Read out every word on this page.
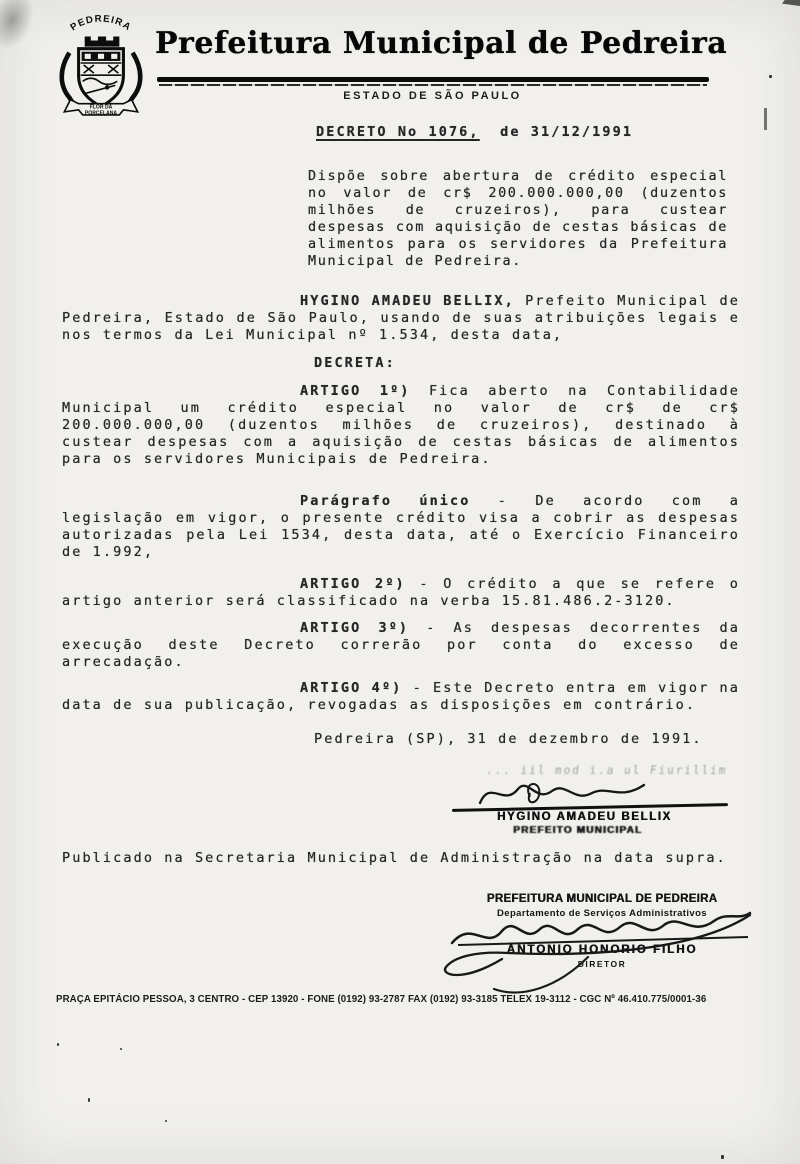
PEDREIRA
FLOR DA
PORCELANA
Prefeitura Municipal de Pedreira
ESTADO DE SÃO PAULO
DECRETO No 1076,  de 31/12/1991

Dispõe sobre abertura de crédito especial no valor de cr$ 200.000.000,00 (duzentos milhões de cruzeiros), para custear despesas com aquisição de cestas básicas de alimentos para os servidores da Prefeitura Municipal de Pedreira.

HYGINO AMADEU BELLIX, Prefeito Municipal de Pedreira, Estado de São Paulo, usando de suas atribuições legais e nos termos da Lei Municipal nº 1.534, desta data,

DECRETA:

ARTIGO 1º) Fica aberto na Contabilidade Municipal um crédito especial no valor de cr$ de cr$ 200.000.000,00 (duzentos milhões de cruzeiros), destinado à custear despesas com a aquisição de cestas básicas de alimentos para os servidores Municipais de Pedreira.

Parágrafo único - De acordo com a legislação em vigor, o presente crédito visa a cobrir as despesas autorizadas pela Lei 1534, desta data, até o Exercício Financeiro de 1.992,

ARTIGO 2º) - O crédito a que se refere o artigo anterior será classificado na verba 15.81.486.2-3120.

ARTIGO 3º) - As despesas decorrentes da execução deste Decreto correrão por conta do excesso de arrecadação.

ARTIGO 4º) - Este Decreto entra em vigor na data de sua publicação, revogadas as disposições em contrário.

Pedreira (SP), 31 de dezembro de 1991.
... iil mod i.a ul Fiurillim
HYGINO AMADEU BELLIX
PREFEITO MUNICIPAL
Publicado na Secretaria Municipal de Administração na data supra.
PREFEITURA MUNICIPAL DE PEDREIRA
Departamento de Serviços Administrativos
ANTONIO HONORIO FILHO
DIRETOR
PRAÇA EPITÁCIO PESSOA, 3 CENTRO - CEP 13920 - FONE (0192) 93-2787 FAX (0192) 93-3185 TELEX 19-3112 - CGC Nº 46.410.775/0001-36
